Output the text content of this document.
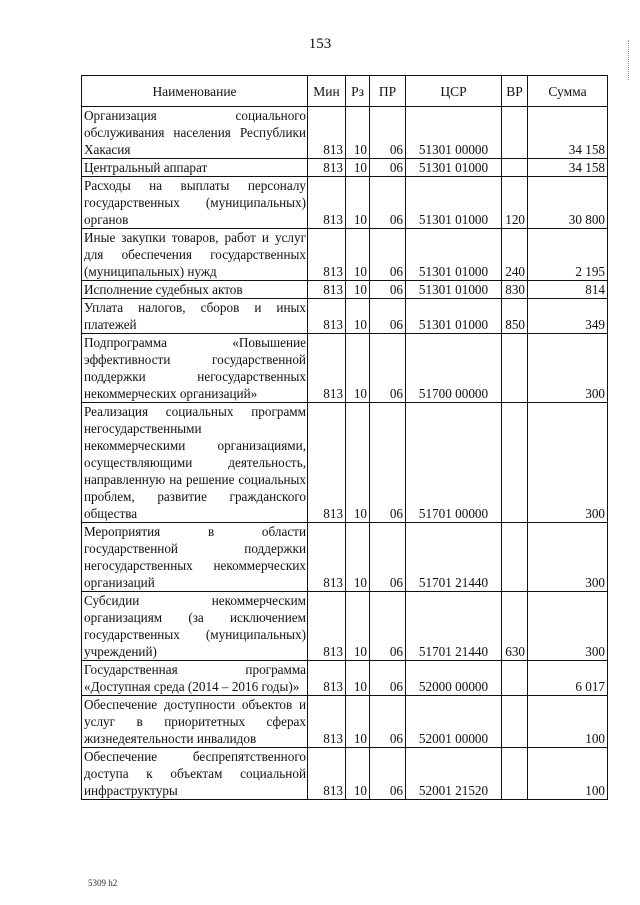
153
Наименование	Мин	Рз	ПР	ЦСР	ВР	Сумма
Организация социального обслуживания населения Республики Хакасия	813	10	06	51301 00000		34 158
Центральный аппарат	813	10	06	51301 01000		34 158
Расходы на выплаты персоналу государственных (муниципальных) органов	813	10	06	51301 01000	120	30 800
Иные закупки товаров, работ и услуг для обеспечения государственных (муниципальных) нужд	813	10	06	51301 01000	240	2 195
Исполнение судебных актов	813	10	06	51301 01000	830	814
Уплата налогов, сборов и иных платежей	813	10	06	51301 01000	850	349
Подпрограмма «Повышение эффективности государственной поддержки негосударственных некоммерческих организаций»	813	10	06	51700 00000		300
Реализация социальных программ негосударственными некоммерческими организациями, осуществляющими деятельность, направленную на решение социальных проблем, развитие гражданского общества	813	10	06	51701 00000		300
Мероприятия в области государственной поддержки негосударственных некоммерческих организаций	813	10	06	51701 21440		300
Субсидии некоммерческим организациям (за исключением государственных (муниципальных) учреждений)	813	10	06	51701 21440	630	300
Государственная программа «Доступная среда (2014 – 2016 годы)»	813	10	06	52000 00000		6 017
Обеспечение доступности объектов и услуг в приоритетных сферах жизнедеятельности инвалидов	813	10	06	52001 00000		100
Обеспечение беспрепятственного доступа к объектам социальной инфраструктуры	813	10	06	52001 21520		100
5309 h2
